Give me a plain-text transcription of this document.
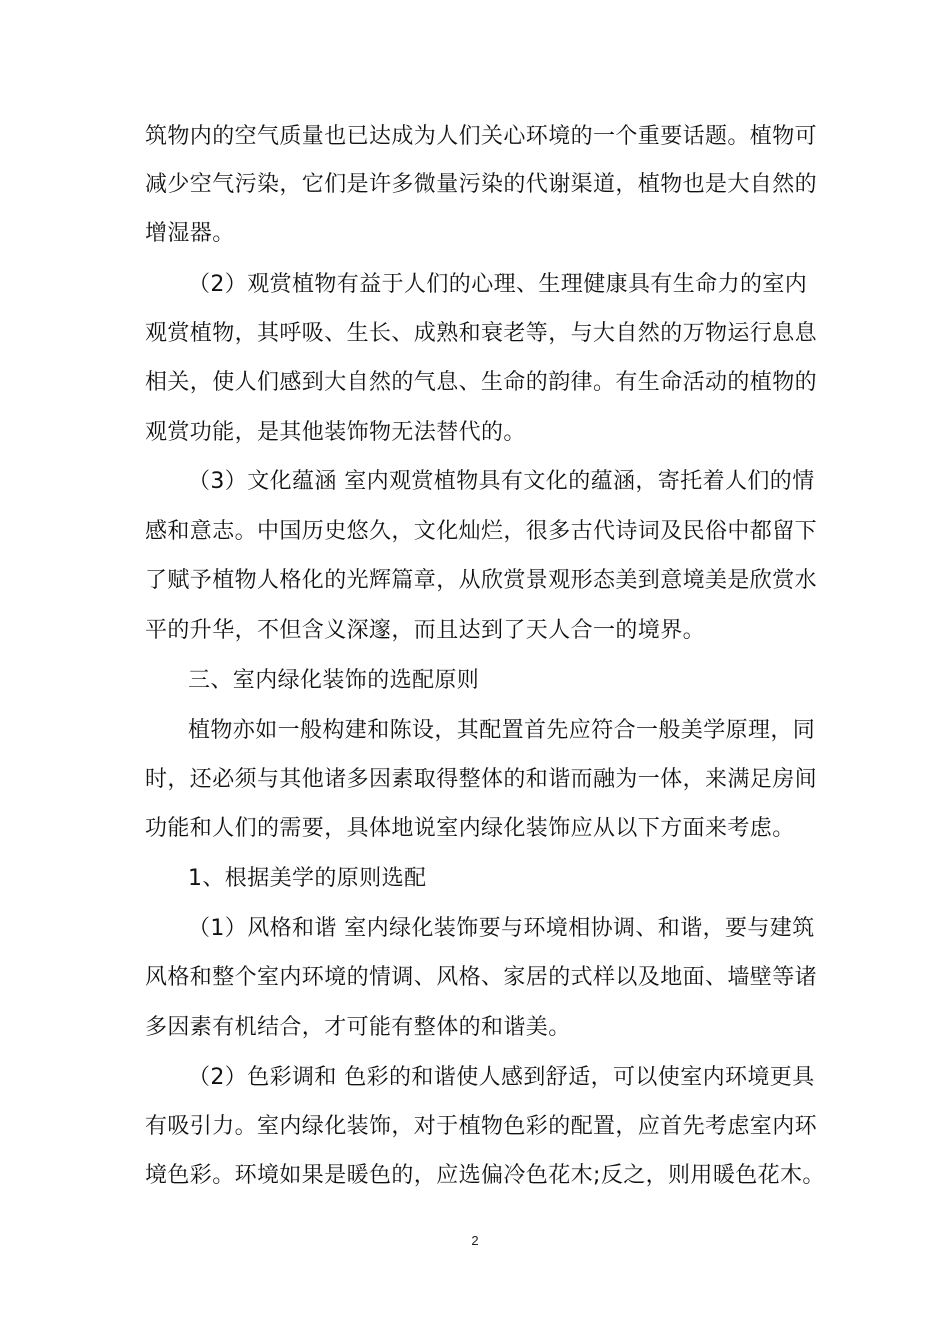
筑物内的空气质量也已达成为人们关心环境的一个重要话题。植物可
减少空气污染，它们是许多微量污染的代谢渠道，植物也是大自然的
增湿器。
（2）观赏植物有益于人们的心理、生理健康具有生命力的室内
观赏植物，其呼吸、生长、成熟和衰老等，与大自然的万物运行息息
相关，使人们感到大自然的气息、生命的韵律。有生命活动的植物的
观赏功能，是其他装饰物无法替代的。
（3）文化蕴涵 室内观赏植物具有文化的蕴涵，寄托着人们的情
感和意志。中国历史悠久，文化灿烂，很多古代诗词及民俗中都留下
了赋予植物人格化的光辉篇章，从欣赏景观形态美到意境美是欣赏水
平的升华，不但含义深邃，而且达到了天人合一的境界。
三、室内绿化装饰的选配原则
植物亦如一般构建和陈设，其配置首先应符合一般美学原理，同
时，还必须与其他诸多因素取得整体的和谐而融为一体，来满足房间
功能和人们的需要，具体地说室内绿化装饰应从以下方面来考虑。
1、根据美学的原则选配
（1）风格和谐 室内绿化装饰要与环境相协调、和谐，要与建筑
风格和整个室内环境的情调、风格、家居的式样以及地面、墙壁等诸
多因素有机结合，才可能有整体的和谐美。
（2）色彩调和 色彩的和谐使人感到舒适，可以使室内环境更具
有吸引力。室内绿化装饰，对于植物色彩的配置，应首先考虑室内环
境色彩。环境如果是暖色的，应选偏冷色花木;反之，则用暖色花木。
2
